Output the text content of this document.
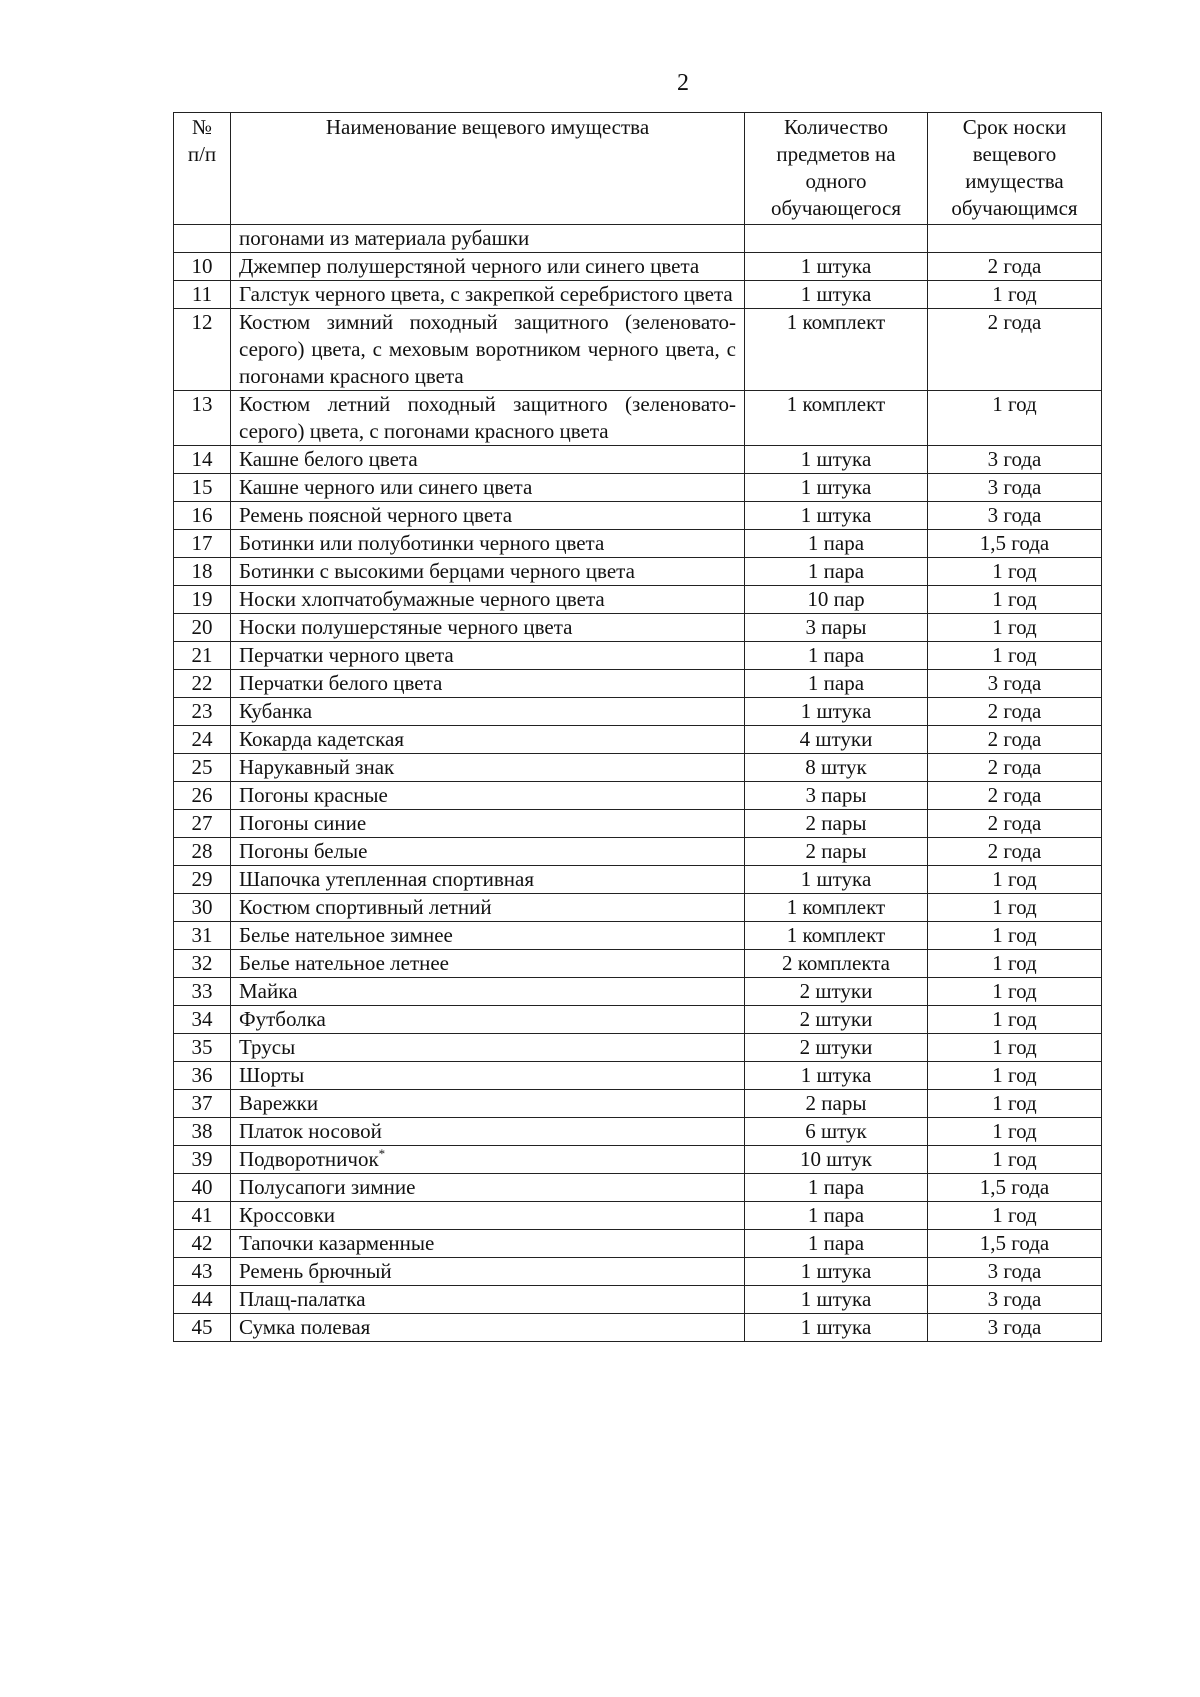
2
№ п/п	Наименование вещевого имущества	Количество предметов на одного обучающегося	Срок носки вещевого имущества обучающимся
	погонами из материала рубашки		
10	Джемпер полушерстяной черного или синего цвета	1 штука	2 года
11	Галстук черного цвета, с закрепкой серебристого цвета	1 штука	1 год
12	Костюм зимний походный защитного (зеленовато-серого) цвета, с меховым воротником черного цвета, с погонами красного цвета	1 комплект	2 года
13	Костюм летний походный защитного (зеленовато-серого) цвета, с погонами красного цвета	1 комплект	1 год
14	Кашне белого цвета	1 штука	3 года
15	Кашне черного или синего цвета	1 штука	3 года
16	Ремень поясной черного цвета	1 штука	3 года
17	Ботинки или полуботинки черного цвета	1 пара	1,5 года
18	Ботинки с высокими берцами черного цвета	1 пара	1 год
19	Носки хлопчатобумажные черного цвета	10 пар	1 год
20	Носки полушерстяные черного цвета	3 пары	1 год
21	Перчатки черного цвета	1 пара	1 год
22	Перчатки белого цвета	1 пара	3 года
23	Кубанка	1 штука	2 года
24	Кокарда кадетская	4 штуки	2 года
25	Нарукавный знак	8 штук	2 года
26	Погоны красные	3 пары	2 года
27	Погоны синие	2 пары	2 года
28	Погоны белые	2 пары	2 года
29	Шапочка утепленная спортивная	1 штука	1 год
30	Костюм спортивный летний	1 комплект	1 год
31	Белье нательное зимнее	1 комплект	1 год
32	Белье нательное летнее	2 комплекта	1 год
33	Майка	2 штуки	1 год
34	Футболка	2 штуки	1 год
35	Трусы	2 штуки	1 год
36	Шорты	1 штука	1 год
37	Варежки	2 пары	1 год
38	Платок носовой	6 штук	1 год
39	Подворотничок*	10 штук	1 год
40	Полусапоги зимние	1 пара	1,5 года
41	Кроссовки	1 пара	1 год
42	Тапочки казарменные	1 пара	1,5 года
43	Ремень брючный	1 штука	3 года
44	Плащ-палатка	1 штука	3 года
45	Сумка полевая	1 штука	3 года
